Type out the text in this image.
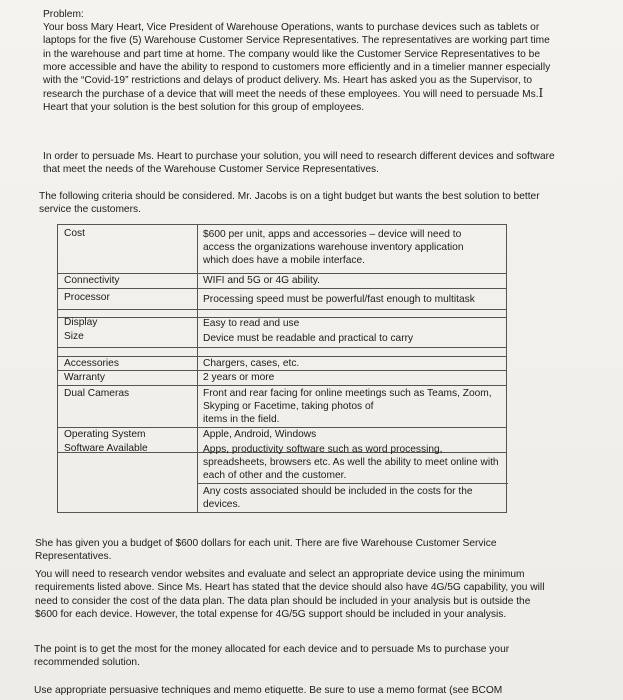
Problem:
Your boss Mary Heart, Vice President of Warehouse Operations, wants to purchase devices such as tablets or
laptops for the five (5) Warehouse Customer Service Representatives. The representatives are working part time
in the warehouse and part time at home. The company would like the Customer Service Representatives to be
more accessible and have the ability to respond to customers more efficiently and in a timelier manner especially
with the “Covid-19” restrictions and delays of product delivery. Ms. Heart has asked you as the Supervisor, to
research the purchase of a device that will meet the needs of these employees. You will need to persuade Ms.I
Heart that your solution is the best solution for this group of employees.

In order to persuade Ms. Heart to purchase your solution, you will need to research different devices and software
that meet the needs of the Warehouse Customer Service Representatives.

The following criteria should be considered. Mr. Jacobs is on a tight budget but wants the best solution to better
service the customers.

Cost	$600 per unit, apps and accessories – device will need to
access the organizations warehouse inventory application
which does have a mobile interface.

Connectivity	WIFI and 5G or 4G ability.

Processor	Processing speed must be powerful/fast enough to multitask

Display	Easy to read and use

Size	Device must be readable and practical to carry

Accessories	Chargers, cases, etc.

Warranty	2 years or more

Dual Cameras	Front and rear facing for online meetings such as Teams, Zoom,
Skyping or Facetime, taking photos of
items in the field.

Operating System	Apple, Android, Windows

Software Available	Apps, productivity software such as word processing,
spreadsheets, browsers etc. As well the ability to meet online with
each of other and the customer.

Any costs associated should be included in the costs for the
devices.

She has given you a budget of $600 dollars for each unit. There are five Warehouse Customer Service
Representatives.

You will need to research vendor websites and evaluate and select an appropriate device using the minimum
requirements listed above. Since Ms. Heart has stated that the device should also have 4G/5G capability, you will
need to consider the cost of the data plan. The data plan should be included in your analysis but is outside the
$600 for each device. However, the total expense for 4G/5G support should be included in your analysis.

The point is to get the most for the money allocated for each device and to persuade Ms to purchase your
recommended solution.

Use appropriate persuasive techniques and memo etiquette. Be sure to use a memo format (see BCOM
